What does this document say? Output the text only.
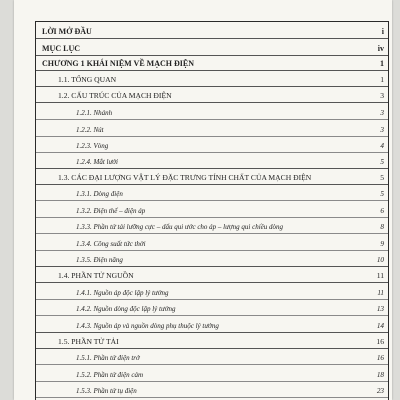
LỜI MỞ ĐẦU	i
MỤC LỤC	iv
CHƯƠNG 1 KHÁI NIỆM VỀ MẠCH ĐIỆN	1
1.1. TỔNG QUAN	1
1.2. CẤU TRÚC CỦA MẠCH ĐIỆN	3
1.2.1. Nhánh	3
1.2.2. Nút	3
1.2.3. Vòng	4
1.2.4. Mắt lưới	5
1.3. CÁC ĐẠI LƯỢNG VẬT LÝ ĐẶC TRƯNG TÍNH CHẤT CỦA MẠCH ĐIỆN	5
1.3.1. Dòng điện	5
1.3.2. Điện thế – điện áp	6
1.3.3. Phần tử tải lưỡng cực – dấu qui ước cho áp – lượng qui chiều dòng	8
1.3.4. Công suất tức thời	9
1.3.5. Điện năng	10
1.4. PHẦN TỬ NGUỒN	11
1.4.1. Nguồn áp độc lập lý tưởng	11
1.4.2. Nguồn dòng độc lập lý tưởng	13
1.4.3. Nguồn áp và nguồn dòng phụ thuộc lý tưởng	14
1.5. PHẦN TỬ TẢI	16
1.5.1. Phần tử điện trở	16
1.5.2. Phần tử điện cảm	18
1.5.3. Phần tử tụ điện	23
